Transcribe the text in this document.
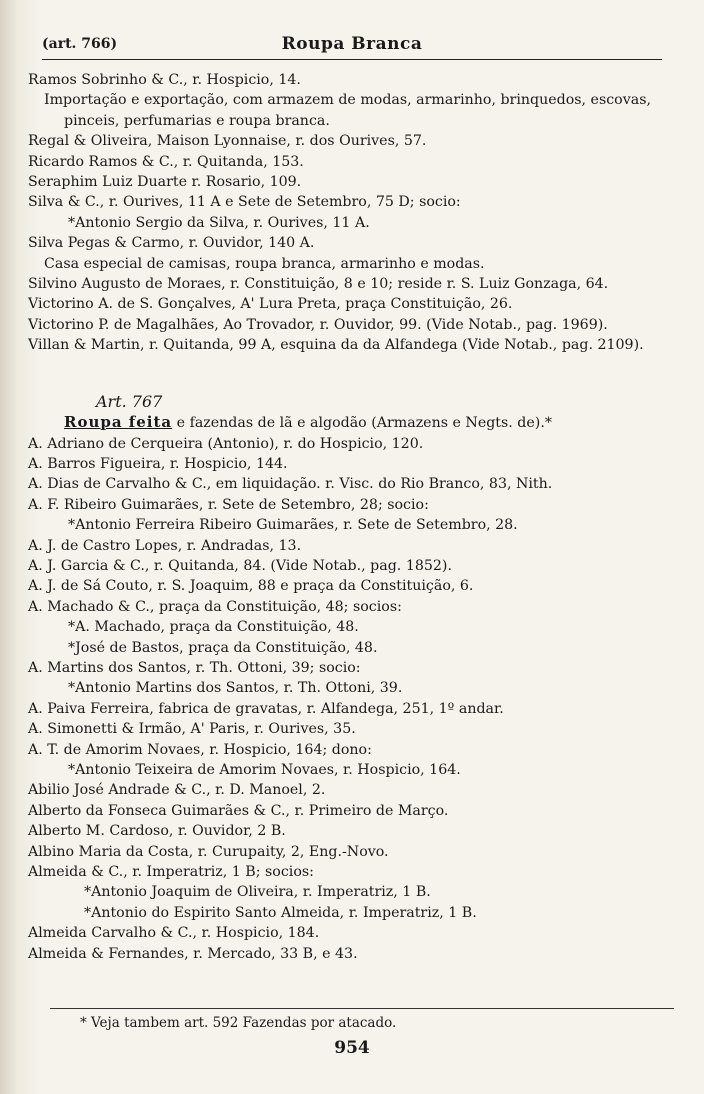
(art. 766)	Roupa Branca
Ramos Sobrinho & C., r. Hospicio, 14.
Importação e exportação, com armazem de modas, armarinho, brinquedos, escovas, pinceis, perfumarias e roupa branca.
Regal & Oliveira, Maison Lyonnaise, r. dos Ourives, 57.
Ricardo Ramos & C., r. Quitanda, 153.
Seraphim Luiz Duarte r. Rosario, 109.
Silva & C., r. Ourives, 11 A e Sete de Setembro, 75 D; socio:
*Antonio Sergio da Silva, r. Ourives, 11 A.
Silva Pegas & Carmo, r. Ouvidor, 140 A.
Casa especial de camisas, roupa branca, armarinho e modas.
Silvino Augusto de Moraes, r. Constituição, 8 e 10; reside r. S. Luiz Gonzaga, 64.
Victorino A. de S. Gonçalves, A' Lura Preta, praça Constituição, 26.
Victorino P. de Magalhães, Ao Trovador, r. Ouvidor, 99. (Vide Notab., pag. 1969).
Villan & Martin, r. Quitanda, 99 A, esquina da da Alfandega (Vide Notab., pag. 2109).
Art. 767
Roupa feita e fazendas de lã e algodão (Armazens e Negts. de).*
A. Adriano de Cerqueira (Antonio), r. do Hospicio, 120.
A. Barros Figueira, r. Hospicio, 144.
A. Dias de Carvalho & C., em liquidação. r. Visc. do Rio Branco, 83, Nith.
A. F. Ribeiro Guimarães, r. Sete de Setembro, 28; socio:
*Antonio Ferreira Ribeiro Guimarães, r. Sete de Setembro, 28.
A. J. de Castro Lopes, r. Andradas, 13.
A. J. Garcia & C., r. Quitanda, 84. (Vide Notab., pag. 1852).
A. J. de Sá Couto, r. S. Joaquim, 88 e praça da Constituição, 6.
A. Machado & C., praça da Constituição, 48; socios:
*A. Machado, praça da Constituição, 48.
*José de Bastos, praça da Constituição, 48.
A. Martins dos Santos, r. Th. Ottoni, 39; socio:
*Antonio Martins dos Santos, r. Th. Ottoni, 39.
A. Paiva Ferreira, fabrica de gravatas, r. Alfandega, 251, 1º andar.
A. Simonetti & Irmão, A' Paris, r. Ourives, 35.
A. T. de Amorim Novaes, r. Hospicio, 164; dono:
*Antonio Teixeira de Amorim Novaes, r. Hospicio, 164.
Abilio José Andrade & C., r. D. Manoel, 2.
Alberto da Fonseca Guimarães & C., r. Primeiro de Março.
Alberto M. Cardoso, r. Ouvidor, 2 B.
Albino Maria da Costa, r. Curupaity, 2, Eng.-Novo.
Almeida & C., r. Imperatriz, 1 B; socios:
*Antonio Joaquim de Oliveira, r. Imperatriz, 1 B.
*Antonio do Espirito Santo Almeida, r. Imperatriz, 1 B.
Almeida Carvalho & C., r. Hospicio, 184.
Almeida & Fernandes, r. Mercado, 33 B, e 43.
* Veja tambem art. 592 Fazendas por atacado.
954
